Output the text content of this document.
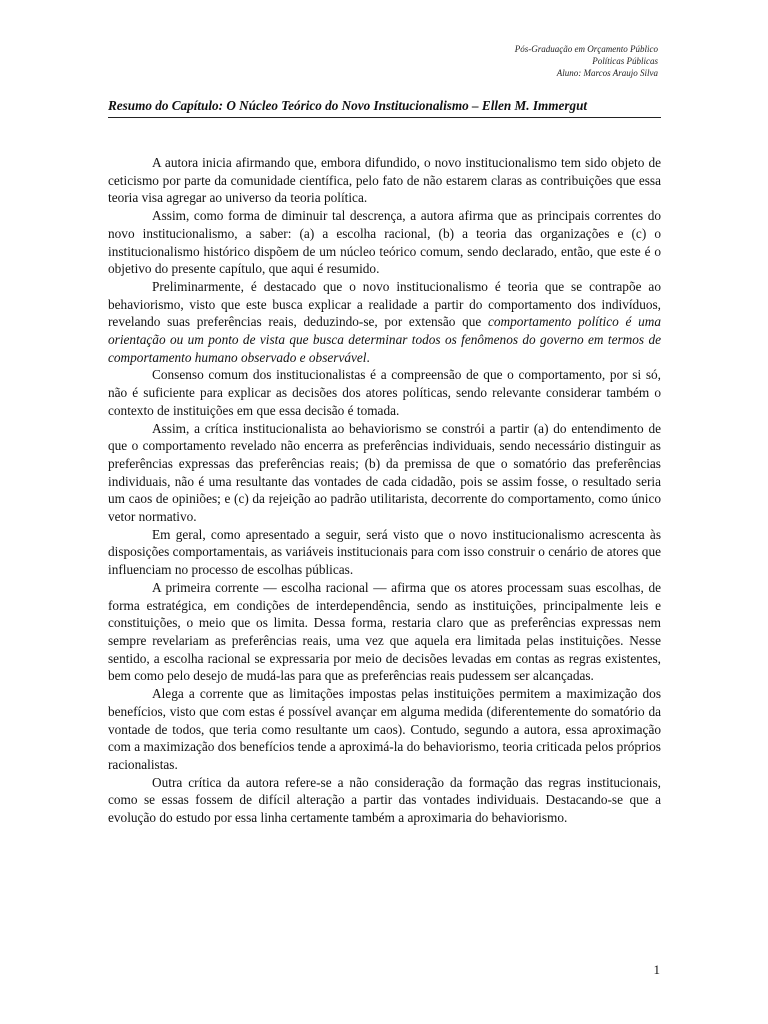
Pós-Graduação em Orçamento Público
Políticas Públicas
Aluno: Marcos Araujo Silva
Resumo do Capítulo: O Núcleo Teórico do Novo Institucionalismo – Ellen M. Immergut

A autora inicia afirmando que, embora difundido, o novo institucionalismo tem sido objeto de ceticismo por parte da comunidade científica, pelo fato de não estarem claras as contribuições que essa teoria visa agregar ao universo da teoria política.

Assim, como forma de diminuir tal descrença, a autora afirma que as principais correntes do novo institucionalismo, a saber: (a) a escolha racional, (b) a teoria das organizações e (c) o institucionalismo histórico dispõem de um núcleo teórico comum, sendo declarado, então, que este é o objetivo do presente capítulo, que aqui é resumido.

Preliminarmente, é destacado que o novo institucionalismo é teoria que se contrapõe ao behaviorismo, visto que este busca explicar a realidade a partir do comportamento dos indivíduos, revelando suas preferências reais, deduzindo-se, por extensão que comportamento político é uma orientação ou um ponto de vista que busca determinar todos os fenômenos do governo em termos de comportamento humano observado e observável.

Consenso comum dos institucionalistas é a compreensão de que o comportamento, por si só, não é suficiente para explicar as decisões dos atores políticas, sendo relevante considerar também o contexto de instituições em que essa decisão é tomada.

Assim, a crítica institucionalista ao behaviorismo se constrói a partir (a) do entendimento de que o comportamento revelado não encerra as preferências individuais, sendo necessário distinguir as preferências expressas das preferências reais; (b) da premissa de que o somatório das preferências individuais, não é uma resultante das vontades de cada cidadão, pois se assim fosse, o resultado seria um caos de opiniões; e (c) da rejeição ao padrão utilitarista, decorrente do comportamento, como único vetor normativo.

Em geral, como apresentado a seguir, será visto que o novo institucionalismo acrescenta às disposições comportamentais, as variáveis institucionais para com isso construir o cenário de atores que influenciam no processo de escolhas públicas.

A primeira corrente — escolha racional — afirma que os atores processam suas escolhas, de forma estratégica, em condições de interdependência, sendo as instituições, principalmente leis e constituições, o meio que os limita. Dessa forma, restaria claro que as preferências expressas nem sempre revelariam as preferências reais, uma vez que aquela era limitada pelas instituições. Nesse sentido, a escolha racional se expressaria por meio de decisões levadas em contas as regras existentes, bem como pelo desejo de mudá-las para que as preferências reais pudessem ser alcançadas.

Alega a corrente que as limitações impostas pelas instituições permitem a maximização dos benefícios, visto que com estas é possível avançar em alguma medida (diferentemente do somatório da vontade de todos, que teria como resultante um caos). Contudo, segundo a autora, essa aproximação com a maximização dos benefícios tende a aproximá-la do behaviorismo, teoria criticada pelos próprios racionalistas.

Outra crítica da autora refere-se a não consideração da formação das regras institucionais, como se essas fossem de difícil alteração a partir das vontades individuais. Destacando-se que a evolução do estudo por essa linha certamente também a aproximaria do behaviorismo.

1
